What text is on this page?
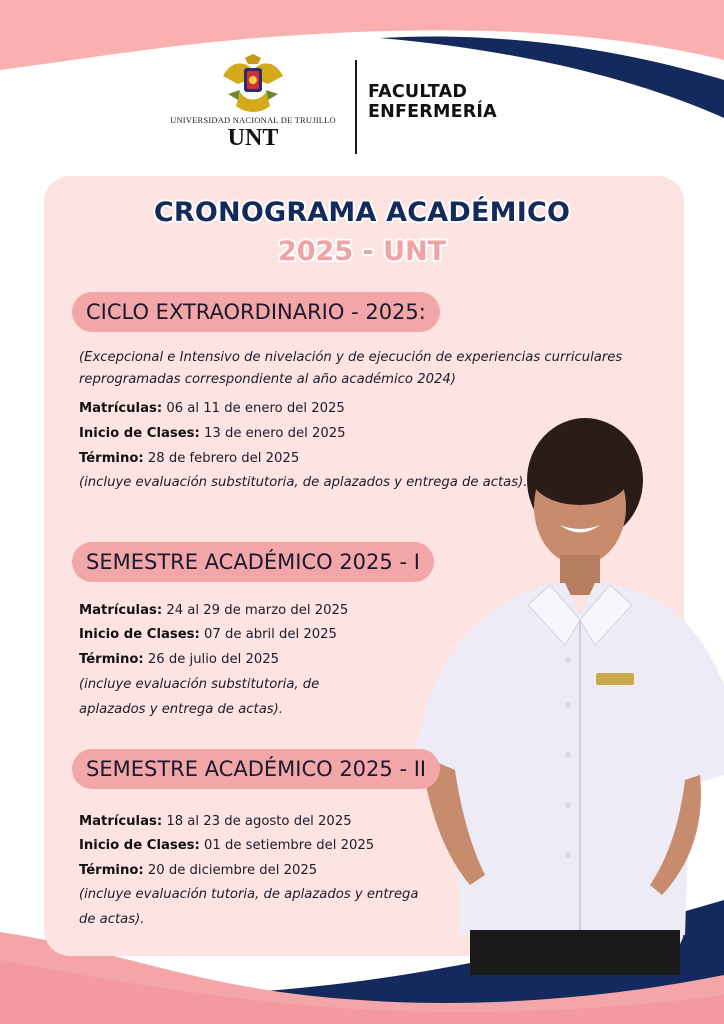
UNIVERSIDAD NACIONAL DE TRUJILLO
UNT
FACULTAD
ENFERMERÍA
CRONOGRAMA ACADÉMICO
2025 - UNT
CICLO EXTRAORDINARIO - 2025:
(Excepcional e Intensivo de nivelación y de ejecución de experiencias curriculares reprogramadas correspondiente al año académico 2024)
Matrículas: 06 al 11 de enero del 2025
Inicio de Clases: 13 de enero del 2025
Término: 28 de febrero del 2025
(incluye evaluación substitutoria, de aplazados y entrega de actas).
SEMESTRE ACADÉMICO 2025 - I
Matrículas: 24 al 29 de marzo del 2025
Inicio de Clases: 07 de abril del 2025
Término: 26 de julio del 2025
(incluye evaluación substitutoria, de aplazados y entrega de actas).
SEMESTRE ACADÉMICO 2025 - II
Matrículas: 18 al 23 de agosto del 2025
Inicio de Clases: 01 de setiembre del 2025
Término: 20 de diciembre del 2025
(incluye evaluación tutoria, de aplazados y entrega de actas).
